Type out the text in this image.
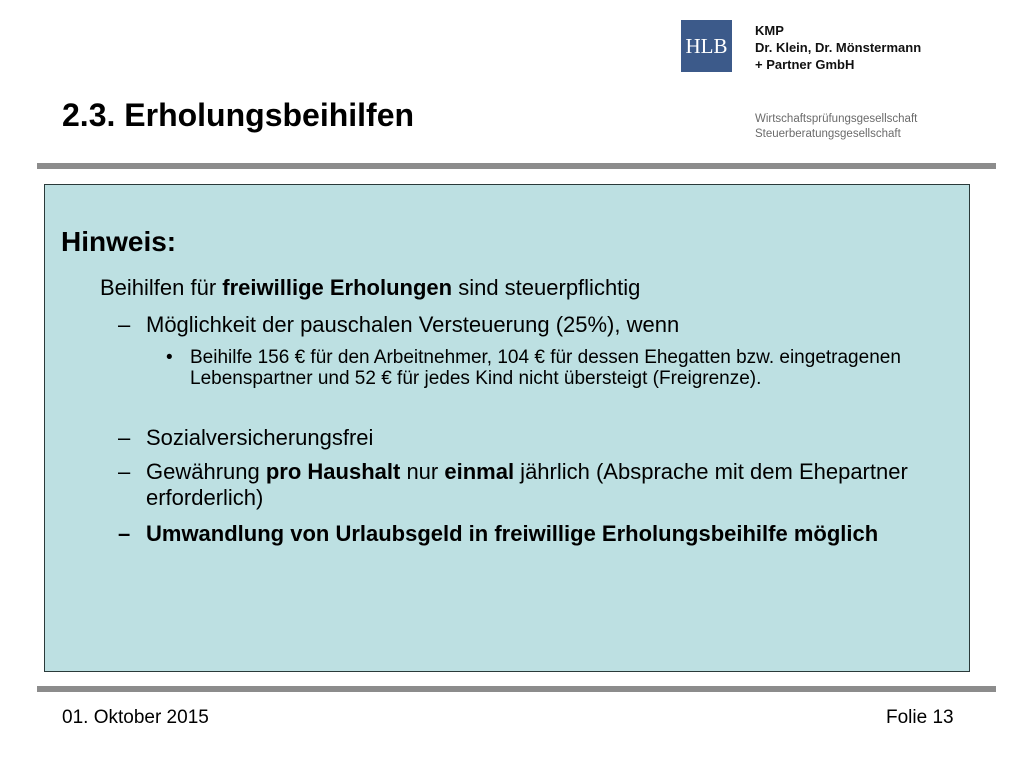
HLB
KMP
Dr. Klein, Dr. Mönstermann
+ Partner GmbH
Wirtschaftsprüfungsgesellschaft
Steuerberatungsgesellschaft
2.3. Erholungsbeihilfen
Hinweis:
Beihilfen für freiwillige Erholungen sind steuerpflichtig
– Möglichkeit der pauschalen Versteuerung (25%), wenn
• Beihilfe 156 € für den Arbeitnehmer, 104 € für dessen Ehegatten bzw. eingetragenen Lebenspartner und 52 € für jedes Kind nicht übersteigt (Freigrenze).
– Sozialversicherungsfrei
– Gewährung pro Haushalt nur einmal jährlich (Absprache mit dem Ehepartner erforderlich)
– Umwandlung von Urlaubsgeld in freiwillige Erholungsbeihilfe möglich
01. Oktober 2015	Folie 13
